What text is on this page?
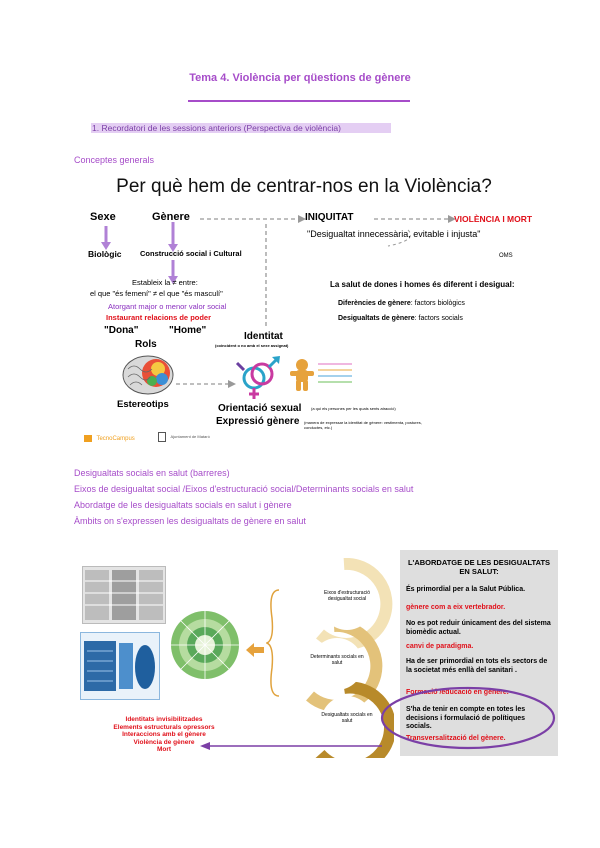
Tema 4. Violència per qüestions de gènere
1. Recordatori de les sessions anteriors (Perspectiva de violència)
Conceptes generals
Per què hem de centrar-nos en la Violència?
Sexe
Biològic
Gènere
Construcció social i Cultural
Estableix la ≠ entre:
el que "és femení" ≠ el que "és masculí"
Atorgant major o menor valor social
Instaurant relacions de poder
"Dona"	"Home"
Rols
Estereotips
Identitat
(coincident o no amb el sexe assignat)
Orientació sexual (a qui els persones per les quals sents atracció)
Expressió gènere (manera de expressar la identitat de gènere: vestimenta, postures, conductes, etc.)
INIQUITAT	VIOLÈNCIA I MORT
"Desigualtat innecessària, evitable i injusta"
OMS
La salut de dones i homes és diferent i desigual:
Diferències de gènere: factors biològics
Desigualtats de gènere: factors socials
TecnoCampus	Ajuntament de Mataró
Desigualtats socials en salut (barreres)
Eixos de desigualtat social /Eixos d'estructuració social/Determinants socials en salut
Abordatge de les desigualtats socials en salut i gènere
Àmbits on s'expressen les desigualtats de gènere en salut
Eixos d'estructuració desigualtat social
Determinants socials en salut
Desigualtats socials en salut
Identitats invisibilitzades
Elements estructurals opressors
Interaccions amb el gènere
Violència de gènere
Mort
L'ABORDATGE DE LES DESIGUALTATS EN SALUT:
És primordial per a la Salut Pública.
gènere com a eix vertebrador.
No es pot reduir únicament des del sistema biomèdic actual.
canvi de paradigma.
Ha de ser primordial en tots els sectors de la societat més enllà del sanitari .
Formació /educació en gènere.
S'ha de tenir en compte en totes les decisions i formulació de polítiques socials.
Transversalització del gènere.
